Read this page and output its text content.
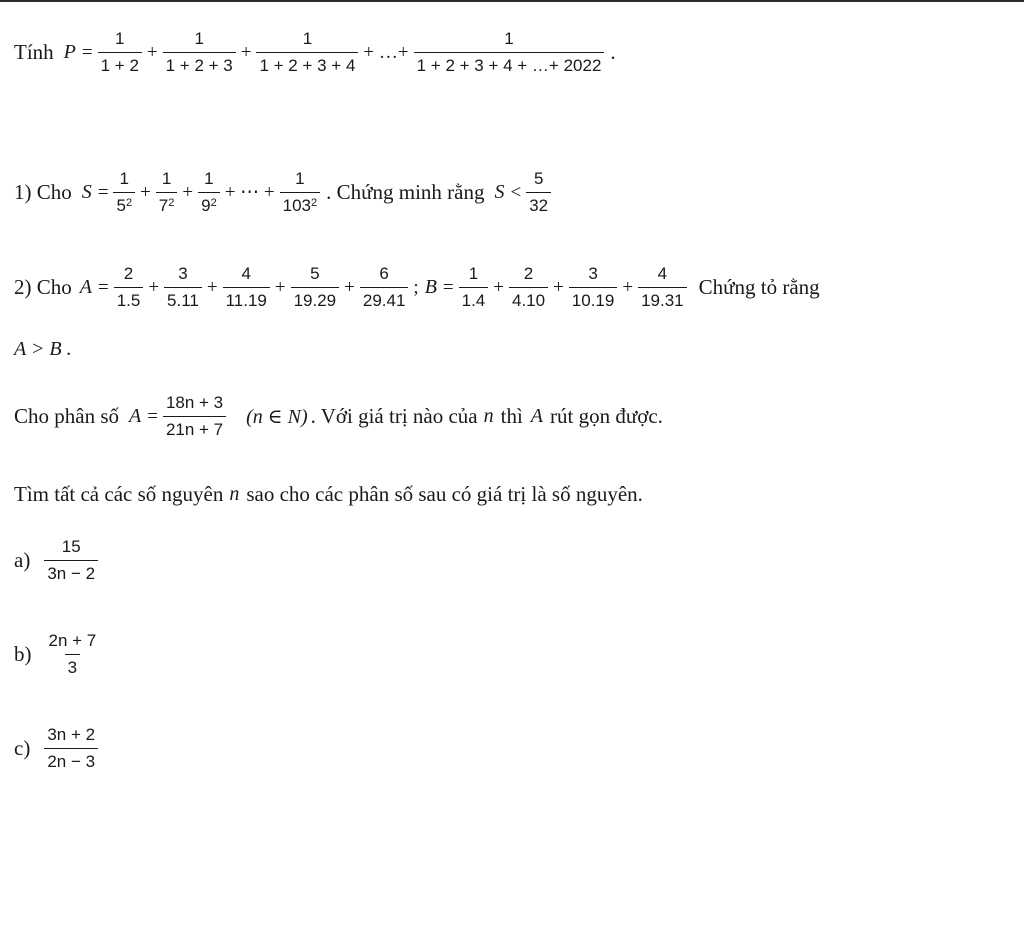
Tính $P = \frac{1}{1 + 2} + \frac{1}{1 + 2 + 3} + \frac{1}{1 + 2 + 3 + 4}$ + …+ $\frac{1}{1 + 2 + 3 + 4 + \dots+ 2022}$ .
1) Cho $S = \frac{1}{5^2} + \frac{1}{7^2} + \frac{1}{9^2}$ + ⋯ + $\frac{1}{103^2}$ . Chứng minh rằng $S < \frac{5}{32}$
2) Cho $A = \frac{2}{1.5} + \frac{3}{5.11} + \frac{4}{11.19} + \frac{5}{19.29} + \frac{6}{29.41}$ ; $B = \frac{1}{1.4} + \frac{2}{4.10} + \frac{3}{10.19} + \frac{4}{19.31}$ Chứng tỏ rằng
A > B .
Cho phân số $A = \frac{18n + 3}{21n + 7} (n$ ∈ N) . Với giá trị nào của n thì A rút gọn được.
Tìm tất cả các số nguyên n sao cho các phân số sau có giá trị là số nguyên.
$a) \frac{15}{3n - 2}$
$b) \frac{2n + 7}{3}$
$c) \frac{3n + 2}{2n - 3}$
